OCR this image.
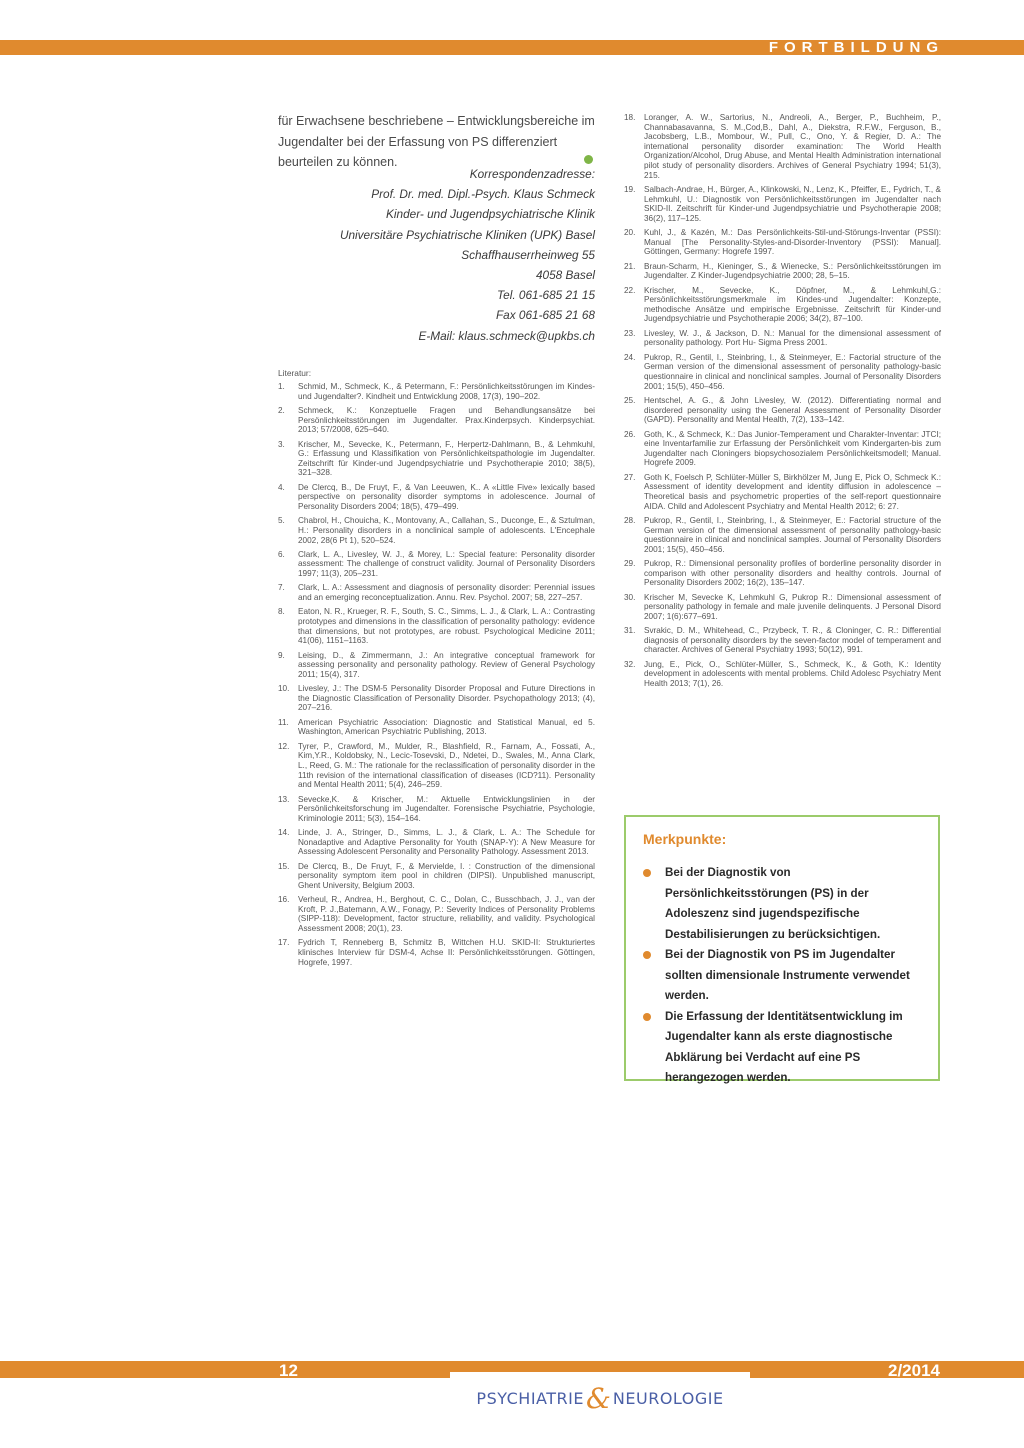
FORTBILDUNG
für Erwachsene beschriebene – Entwicklungsbereiche im Jugendalter bei der Erfassung von PS differenziert beurteilen zu können.
Korrespondenzadresse:
Prof. Dr. med. Dipl.-Psych. Klaus Schmeck
Kinder- und Jugendpsychiatrische Klinik
Universitäre Psychiatrische Kliniken (UPK) Basel
Schaffhauserrheinweg 55
4058 Basel
Tel. 061-685 21 15
Fax 061-685 21 68
E-Mail: klaus.schmeck@upkbs.ch
Literatur:
1. Schmid, M., Schmeck, K., & Petermann, F.: Persönlichkeitsstörungen im Kindes-und Jugendalter?. Kindheit und Entwicklung 2008, 17(3), 190–202.
2. Schmeck, K.: Konzeptuelle Fragen und Behandlungsansätze bei Persönlichkeitsstörungen im Jugendalter. Prax.Kinderpsych. Kinderpsychiat. 2013; 57/2008, 625–640.
3. Krischer, M., Sevecke, K., Petermann, F., Herpertz-Dahlmann, B., & Lehmkuhl, G.: Erfassung und Klassifikation von Persönlichkeitspathologie im Jugendalter. Zeitschrift für Kinder-und Jugendpsychiatrie und Psychotherapie 2010; 38(5), 321–328.
4. De Clercq, B., De Fruyt, F., & Van Leeuwen, K.. A «Little Five» lexically based perspective on personality disorder symptoms in adolescence. Journal of Personality Disorders 2004; 18(5), 479–499.
5. Chabrol, H., Chouicha, K., Montovany, A., Callahan, S., Duconge, E., & Sztulman, H.: Personality disorders in a nonclinical sample of adolescents. L'Encephale 2002, 28(6 Pt 1), 520–524.
6. Clark, L. A., Livesley, W. J., & Morey, L.: Special feature: Personality disorder assessment: The challenge of construct validity. Journal of Personality Disorders 1997; 11(3), 205–231.
7. Clark, L. A.: Assessment and diagnosis of personality disorder: Perennial issues and an emerging reconceptualization. Annu. Rev. Psychol. 2007; 58, 227–257.
8. Eaton, N. R., Krueger, R. F., South, S. C., Simms, L. J., & Clark, L. A.: Contrasting prototypes and dimensions in the classification of personality pathology: evidence that dimensions, but not prototypes, are robust. Psychological Medicine 2011; 41(06), 1151–1163.
9. Leising, D., & Zimmermann, J.: An integrative conceptual framework for assessing personality and personality pathology. Review of General Psychology 2011; 15(4), 317.
10. Livesley, J.: The DSM-5 Personality Disorder Proposal and Future Directions in the Diagnostic Classification of Personality Disorder. Psychopathology 2013; (4), 207–216.
11. American Psychiatric Association: Diagnostic and Statistical Manual, ed 5. Washington, American Psychiatric Publishing, 2013.
12. Tyrer, P., Crawford, M., Mulder, R., Blashfield, R., Farnam, A., Fossati, A., Kim,Y.R., Koldobsky, N., Lecic-Tosevski, D., Ndetei, D., Swales, M., Anna Clark, L., Reed, G. M.: The rationale for the reclassification of personality disorder in the 11th revision of the international classification of diseases (ICD?11). Personality and Mental Health 2011; 5(4), 246–259.
13. Sevecke,K. & Krischer, M.: Aktuelle Entwicklungslinien in der Persönlichkeitsforschung im Jugendalter. Forensische Psychiatrie, Psychologie, Kriminologie 2011; 5(3), 154–164.
14. Linde, J. A., Stringer, D., Simms, L. J., & Clark, L. A.: The Schedule for Nonadaptive and Adaptive Personality for Youth (SNAP-Y): A New Measure for Assessing Adolescent Personality and Personality Pathology. Assessment 2013.
15. De Clercq, B., De Fruyt, F., & Mervielde, I. : Construction of the dimensional personality symptom item pool in children (DIPSI). Unpublished manuscript, Ghent University, Belgium 2003.
16. Verheul, R., Andrea, H., Berghout, C. C., Dolan, C., Busschbach, J. J., van der Kroft, P. J.,Batemann, A.W., Fonagy, P.: Severity Indices of Personality Problems (SIPP-118): Development, factor structure, reliability, and validity. Psychological Assessment 2008; 20(1), 23.
17. Fydrich T, Renneberg B, Schmitz B, Wittchen H.U. SKID-II: Strukturiertes klinisches Interview für DSM-4, Achse II: Persönlichkeitsstörungen. Göttingen, Hogrefe, 1997.
18. Loranger, A. W., Sartorius, N., Andreoli, A., Berger, P., Buchheim, P., Channabasavanna, S. M.,Cod,B., Dahl, A., Diekstra, R.F.W., Ferguson, B., Jacobsberg, L.B., Mombour, W., Pull, C., Ono, Y. & Regier, D. A.: The international personality disorder examination: The World Health Organization/Alcohol, Drug Abuse, and Mental Health Administration international pilot study of personality disorders. Archives of General Psychiatry 1994; 51(3), 215.
19. Salbach-Andrae, H., Bürger, A., Klinkowski, N., Lenz, K., Pfeiffer, E., Fydrich, T., & Lehmkuhl, U.: Diagnostik von Persönlichkeitsstörungen im Jugendalter nach SKID-II. Zeitschrift für Kinder-und Jugendpsychiatrie und Psychotherapie 2008; 36(2), 117–125.
20. Kuhl, J., & Kazén, M.: Das Persönlichkeits-Stil-und-Störungs-Inventar (PSSI): Manual [The Personality-Styles-and-Disorder-Inventory (PSSI): Manual]. Göttingen, Germany: Hogrefe 1997.
21. Braun-Scharm, H., Kieninger, S., & Wienecke, S.: Persönlichkeitsstörungen im Jugendalter. Z Kinder-Jugendpsychiatrie 2000; 28, 5–15.
22. Krischer, M., Sevecke, K., Döpfner, M., & Lehmkuhl,G.: Persönlichkeitsstörungsmerkmale im Kindes-und Jugendalter: Konzepte, methodische Ansätze und empirische Ergebnisse. Zeitschrift für Kinder-und Jugendpsychiatrie und Psychotherapie 2006; 34(2), 87–100.
23. Livesley, W. J., & Jackson, D. N.: Manual for the dimensional assessment of personality pathology. Port Hu- Sigma Press 2001.
24. Pukrop, R., Gentil, I., Steinbring, I., & Steinmeyer, E.: Factorial structure of the German version of the dimensional assessment of personality pathology-basic questionnaire in clinical and nonclinical samples. Journal of Personality Disorders 2001; 15(5), 450–456.
25. Hentschel, A. G., & John Livesley, W. (2012). Differentiating normal and disordered personality using the General Assessment of Personality Disorder (GAPD). Personality and Mental Health, 7(2), 133–142.
26. Goth, K., & Schmeck, K.: Das Junior-Temperament und Charakter-Inventar: JTCI; eine Inventarfamilie zur Erfassung der Persönlichkeit vom Kindergarten-bis zum Jugendalter nach Cloningers biopsychosozialem Persönlichkeitsmodell; Manual. Hogrefe 2009.
27. Goth K, Foelsch P, Schlüter-Müller S, Birkhölzer M, Jung E, Pick O, Schmeck K.: Assessment of identity development and identity diffusion in adolescence – Theoretical basis and psychometric properties of the self-report questionnaire AIDA. Child and Adolescent Psychiatry and Mental Health 2012; 6: 27.
28. Pukrop, R., Gentil, I., Steinbring, I., & Steinmeyer, E.: Factorial structure of the German version of the dimensional assessment of personality pathology-basic questionnaire in clinical and nonclinical samples. Journal of Personality Disorders 2001; 15(5), 450–456.
29. Pukrop, R.: Dimensional personality profiles of borderline personality disorder in comparison with other personality disorders and healthy controls. Journal of Personality Disorders 2002; 16(2), 135–147.
30. Krischer M, Sevecke K, Lehmkuhl G, Pukrop R.: Dimensional assessment of personality pathology in female and male juvenile delinquents. J Personal Disord 2007; 1(6):677–691.
31. Svrakic, D. M., Whitehead, C., Przybeck, T. R., & Cloninger, C. R.: Differential diagnosis of personality disorders by the seven-factor model of temperament and character. Archives of General Psychiatry 1993; 50(12), 991.
32. Jung, E., Pick, O., Schlüter-Müller, S., Schmeck, K., & Goth, K.: Identity development in adolescents with mental problems. Child Adolesc Psychiatry Ment Health 2013; 7(1), 26.
Merkpunkte:
Bei der Diagnostik von Persönlichkeitsstörungen (PS) in der Adoleszenz sind jugendspezifische Destabilisierungen zu berücksichtigen.
Bei der Diagnostik von PS im Jugendalter sollten dimensionale Instrumente verwendet werden.
Die Erfassung der Identitätsentwicklung im Jugendalter kann als erste diagnostische Abklärung bei Verdacht auf eine PS herangezogen werden.
12	2/2014
PSYCHIATRIE& NEUROLOGIE
